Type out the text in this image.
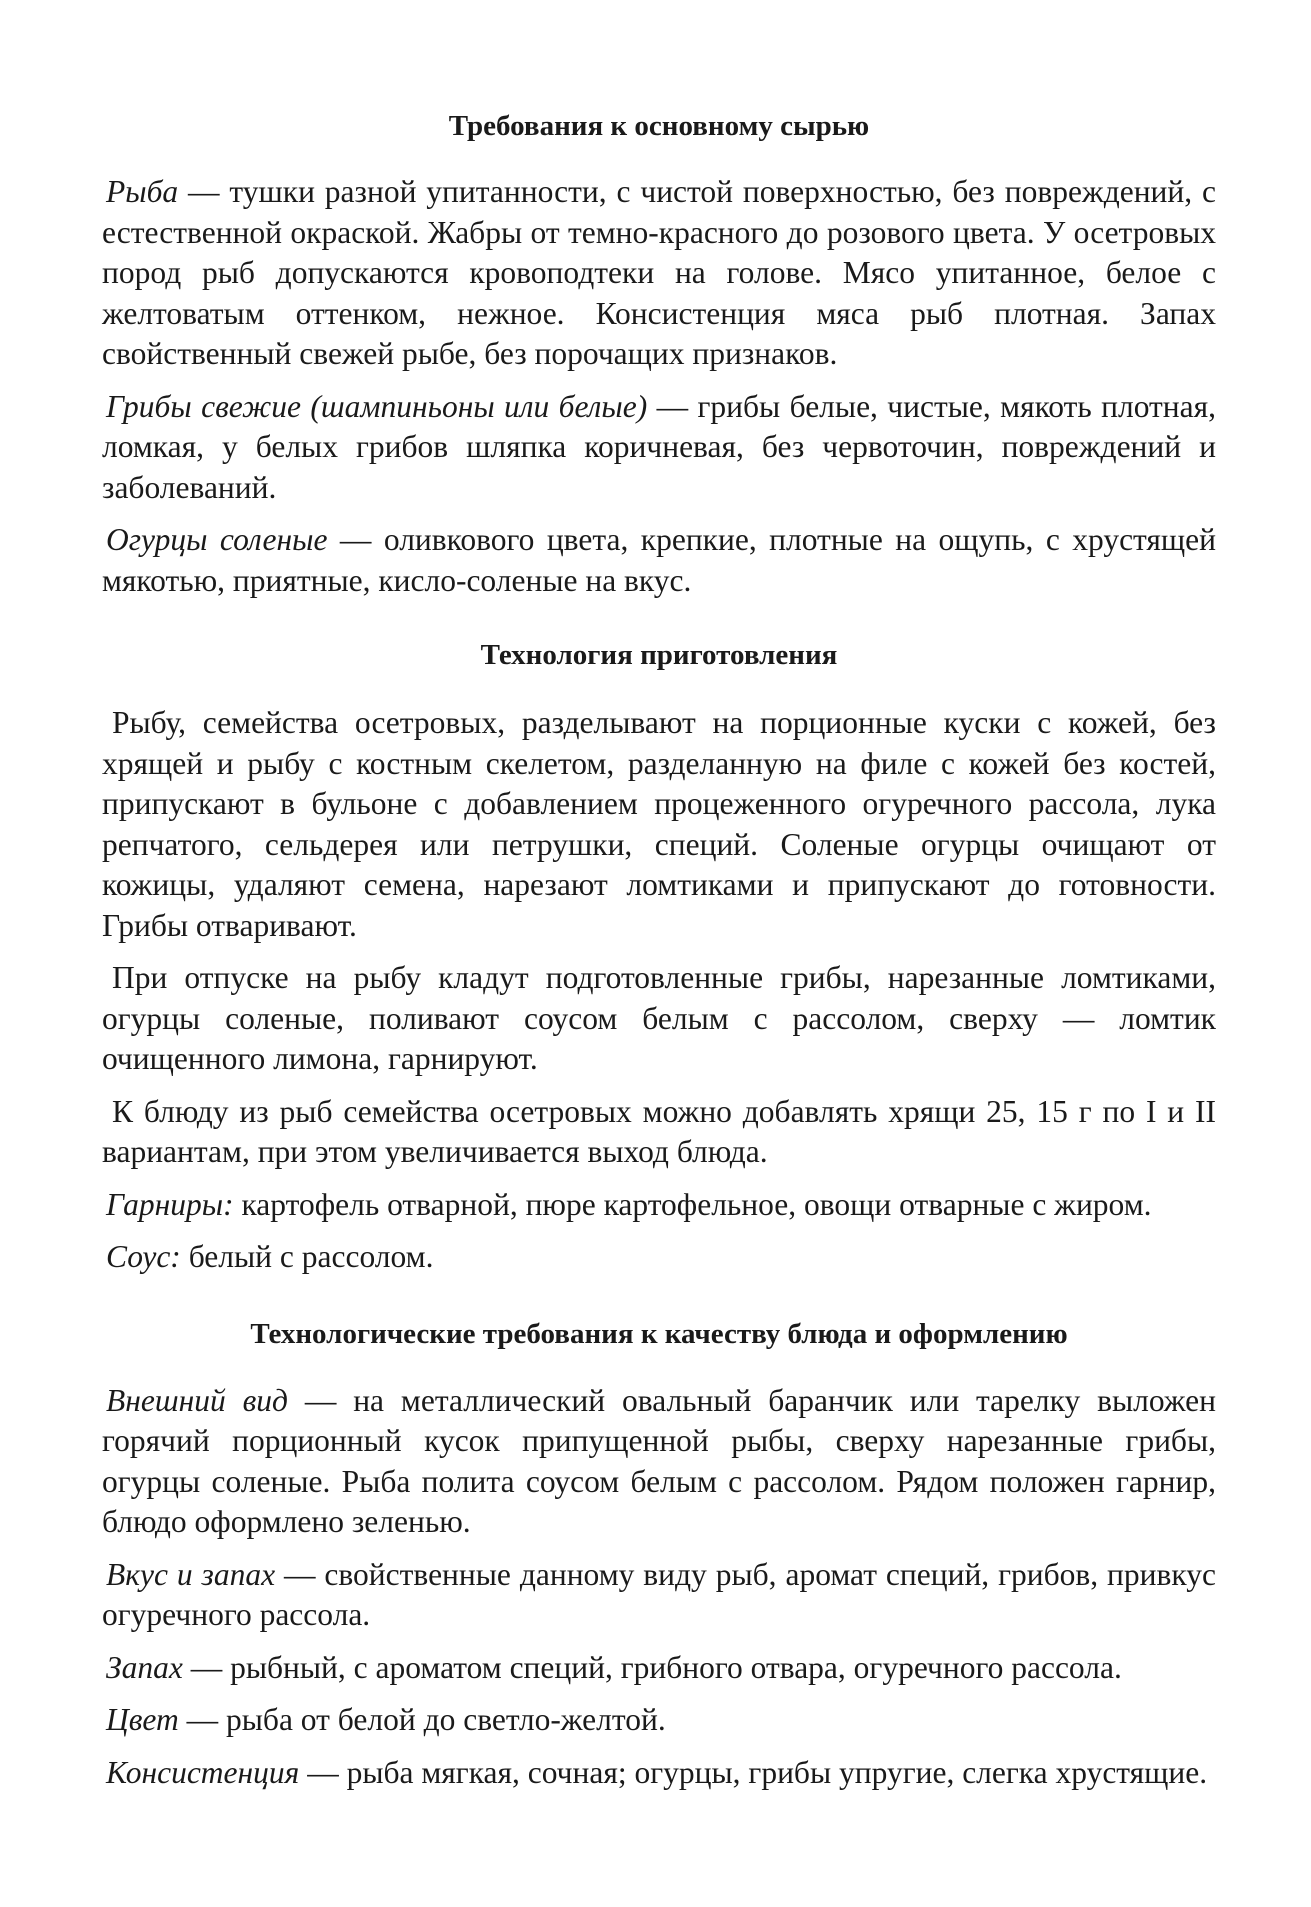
Требования к основному сырью

Рыба — тушки разной упитанности, с чистой поверхностью, без повреждений, с естественной окраской. Жабры от темно-красного до розового цвета. У осетровых пород рыб допускаются кровоподтеки на голове. Мясо упитанное, белое с желтоватым оттенком, нежное. Консистенция мяса рыб плотная. Запах свойственный свежей рыбе, без порочащих признаков.

Грибы свежие (шампиньоны или белые) — грибы белые, чистые, мякоть плотная, ломкая, у белых грибов шляпка коричневая, без червоточин, повреждений и заболеваний.

Огурцы соленые — оливкового цвета, крепкие, плотные на ощупь, с хрустящей мякотью, приятные, кисло-соленые на вкус.

Технология приготовления

Рыбу, семейства осетровых, разделывают на порционные куски с кожей, без хрящей и рыбу с костным скелетом, разделанную на филе с кожей без костей, припускают в бульоне с добавлением процеженного огуречного рассола, лука репчатого, сельдерея или петрушки, специй. Соленые огурцы очищают от кожицы, удаляют семена, нарезают ломтиками и припускают до готовности. Грибы отваривают.

При отпуске на рыбу кладут подготовленные грибы, нарезанные ломтиками, огурцы соленые, поливают соусом белым с рассолом, сверху — ломтик очищенного лимона, гарнируют.

К блюду из рыб семейства осетровых можно добавлять хрящи 25, 15 г по I и II вариантам, при этом увеличивается выход блюда.

Гарниры: картофель отварной, пюре картофельное, овощи отварные с жиром.

Соус: белый с рассолом.

Технологические требования к качеству блюда и оформлению

Внешний вид — на металлический овальный баранчик или тарелку выложен горячий порционный кусок припущенной рыбы, сверху нарезанные грибы, огурцы соленые. Рыба полита соусом белым с рассолом. Рядом положен гарнир, блюдо оформлено зеленью.

Вкус и запах — свойственные данному виду рыб, аромат специй, грибов, привкус огуречного рассола.

Запах — рыбный, с ароматом специй, грибного отвара, огуречного рассола.

Цвет — рыба от белой до светло-желтой.

Консистенция — рыба мягкая, сочная; огурцы, грибы упругие, слегка хрустящие.
